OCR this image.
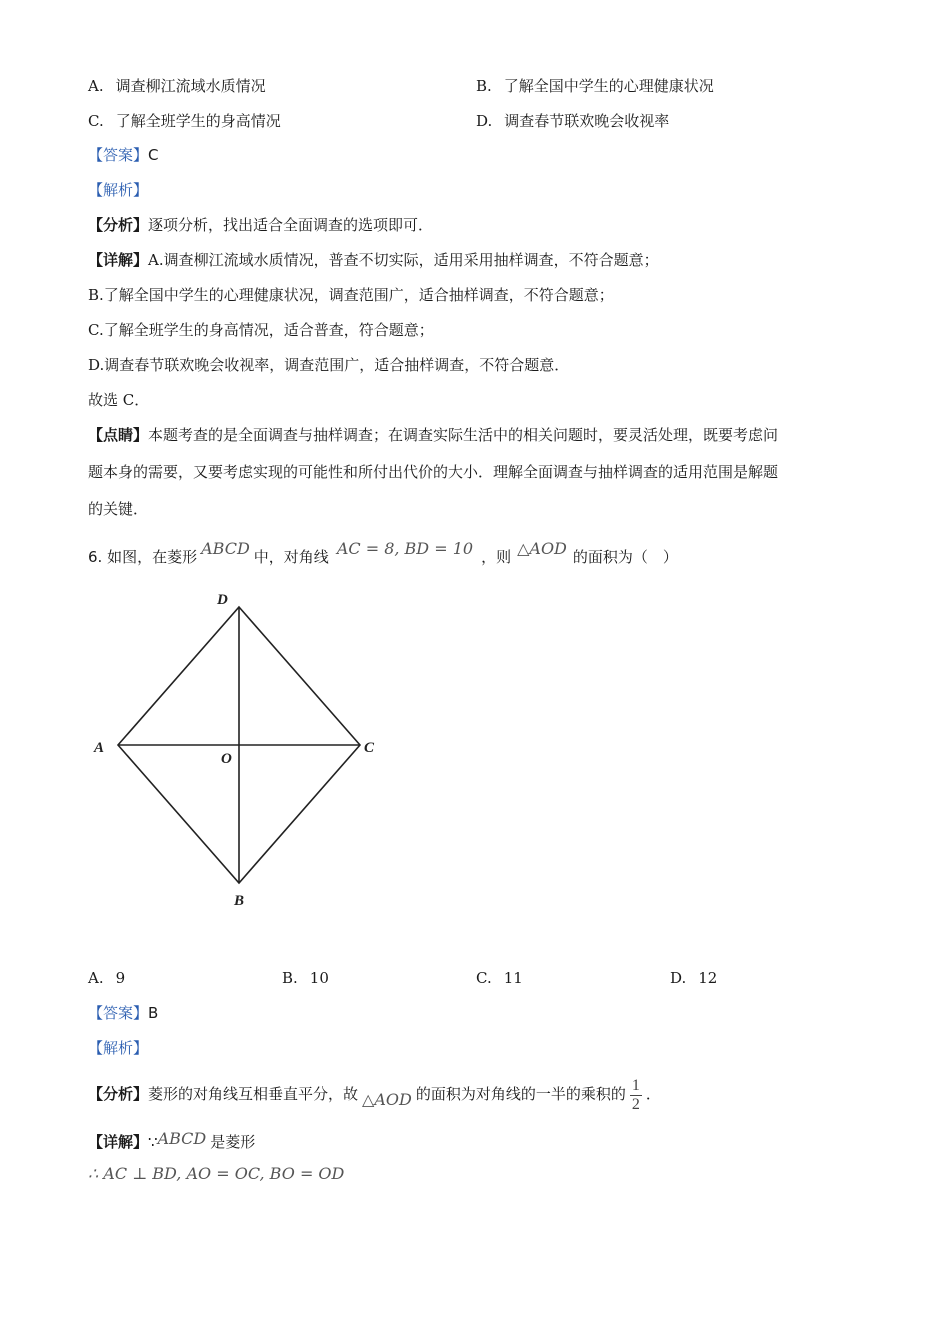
A. 调查柳江流域水质情况	B. 了解全国中学生的心理健康状况
C. 了解全班学生的身高情况	D. 调查春节联欢晚会收视率
【答案】C
【解析】
【分析】逐项分析，找出适合全面调查的选项即可．
【详解】A.调查柳江流域水质情况，普查不切实际，适用采用抽样调查，不符合题意；
B.了解全国中学生的心理健康状况，调查范围广，适合抽样调查，不符合题意；
C.了解全班学生的身高情况，适合普查，符合题意；
D.调查春节联欢晚会收视率，调查范围广，适合抽样调查，不符合题意．
故选 C．
【点睛】本题考查的是全面调查与抽样调查；在调查实际生活中的相关问题时，要灵活处理，既要考虑问
题本身的需要，又要考虑实现的可能性和所付出代价的大小．理解全面调查与抽样调查的适用范围是解题
的关键．
6. 如图，在菱形 ABCD 中，对角线 AC = 8, BD = 10 ，则 △AOD 的面积为（　）
D
A
O
C
B
A. 9	B. 10	C. 11	D. 12
【答案】B
【解析】
【分析】菱形的对角线互相垂直平分，故 △AOD 的面积为对角线的一半的乘积的 $\frac{1}{2}$ ．
【详解】∵ABCD 是菱形
∴ AC ⊥ BD, AO = OC, BO = OD
